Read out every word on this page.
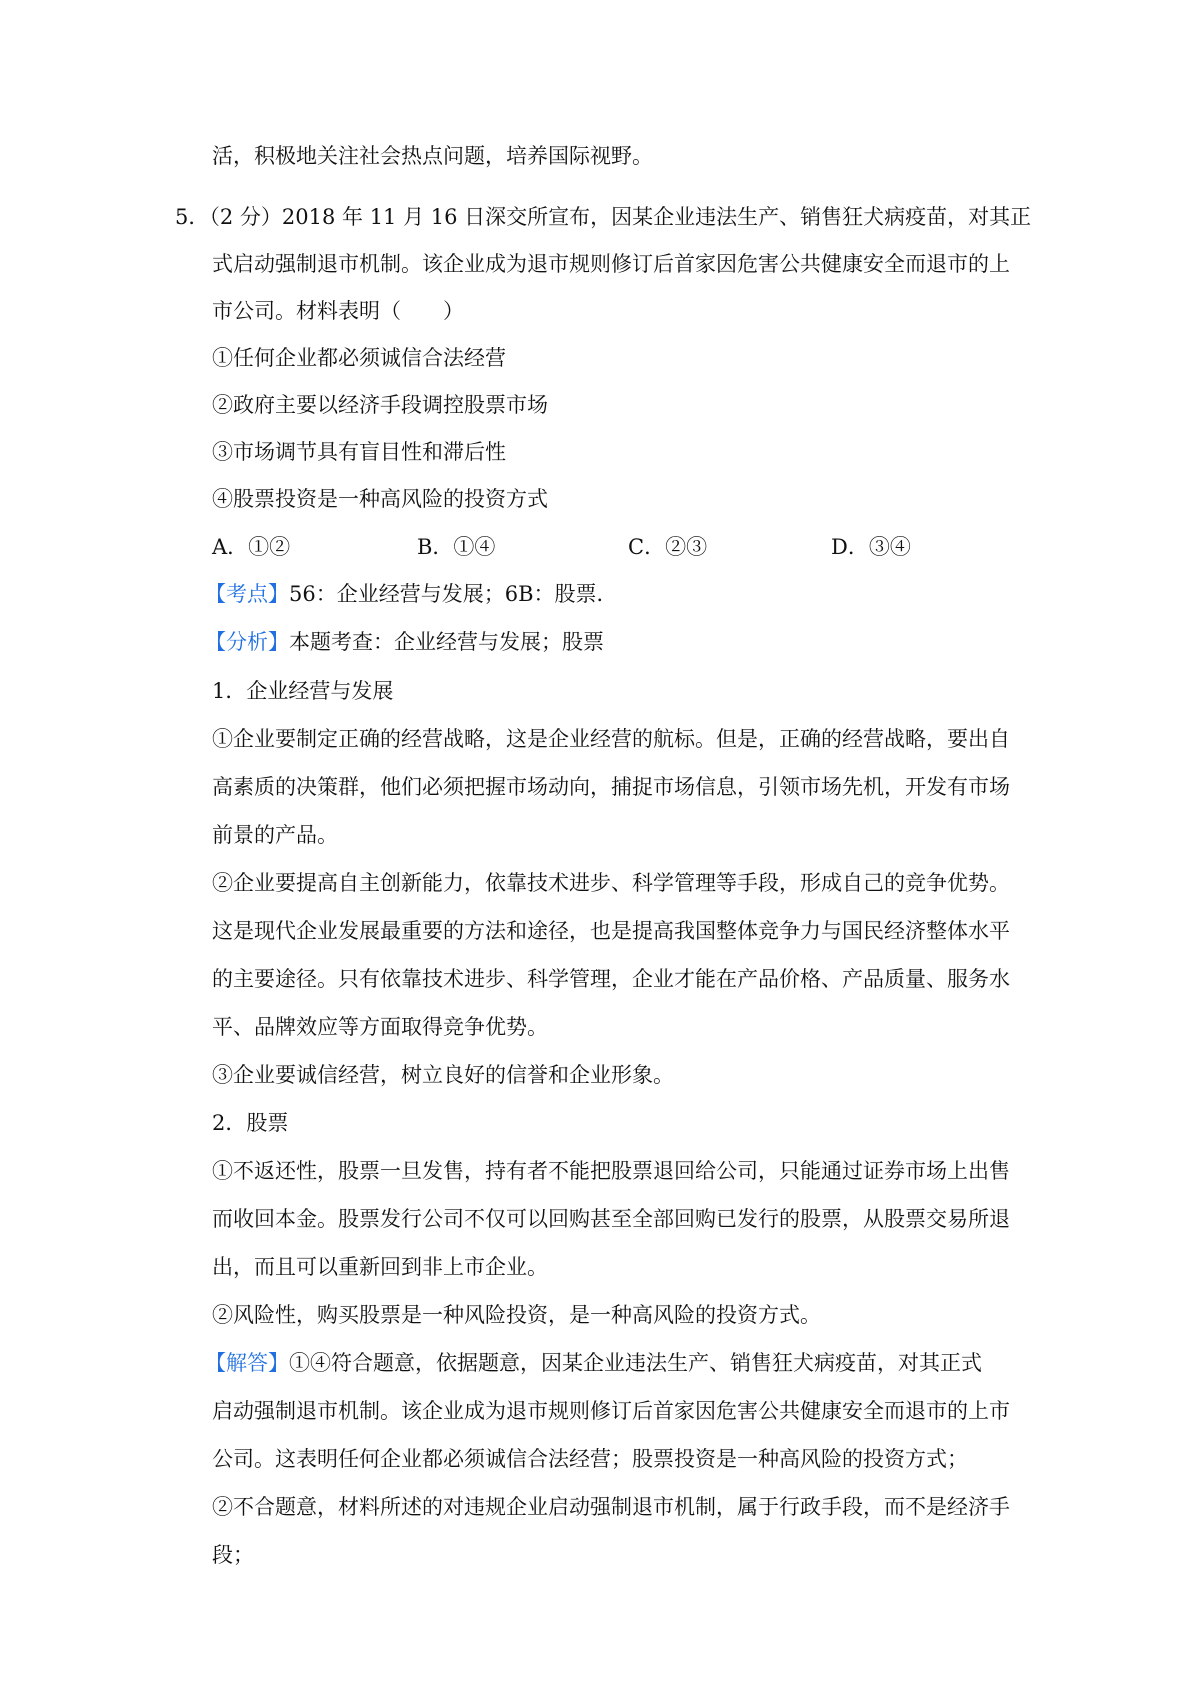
活，积极地关注社会热点问题，培养国际视野。
5．（2 分）2018 年 11 月 16 日深交所宣布，因某企业违法生产、销售狂犬病疫苗，对其正
式启动强制退市机制。该企业成为退市规则修订后首家因危害公共健康安全而退市的上
市公司。材料表明（　　）
①任何企业都必须诚信合法经营
②政府主要以经济手段调控股票市场
③市场调节具有盲目性和滞后性
④股票投资是一种高风险的投资方式
A．①②	B．①④	C．②③	D．③④
【考点】56：企业经营与发展；6B：股票．
【分析】本题考查：企业经营与发展；股票
1．企业经营与发展
①企业要制定正确的经营战略，这是企业经营的航标。但是，正确的经营战略，要出自
高素质的决策群，他们必须把握市场动向，捕捉市场信息，引领市场先机，开发有市场
前景的产品。
②企业要提高自主创新能力，依靠技术进步、科学管理等手段，形成自己的竞争优势。
这是现代企业发展最重要的方法和途径，也是提高我国整体竞争力与国民经济整体水平
的主要途径。只有依靠技术进步、科学管理，企业才能在产品价格、产品质量、服务水
平、品牌效应等方面取得竞争优势。
③企业要诚信经营，树立良好的信誉和企业形象。
2．股票
①不返还性，股票一旦发售，持有者不能把股票退回给公司，只能通过证券市场上出售
而收回本金。股票发行公司不仅可以回购甚至全部回购已发行的股票，从股票交易所退
出，而且可以重新回到非上市企业。
②风险性，购买股票是一种风险投资，是一种高风险的投资方式。
【解答】①④符合题意，依据题意，因某企业违法生产、销售狂犬病疫苗，对其正式
启动强制退市机制。该企业成为退市规则修订后首家因危害公共健康安全而退市的上市
公司。这表明任何企业都必须诚信合法经营；股票投资是一种高风险的投资方式；
②不合题意，材料所述的对违规企业启动强制退市机制，属于行政手段，而不是经济手
段；
